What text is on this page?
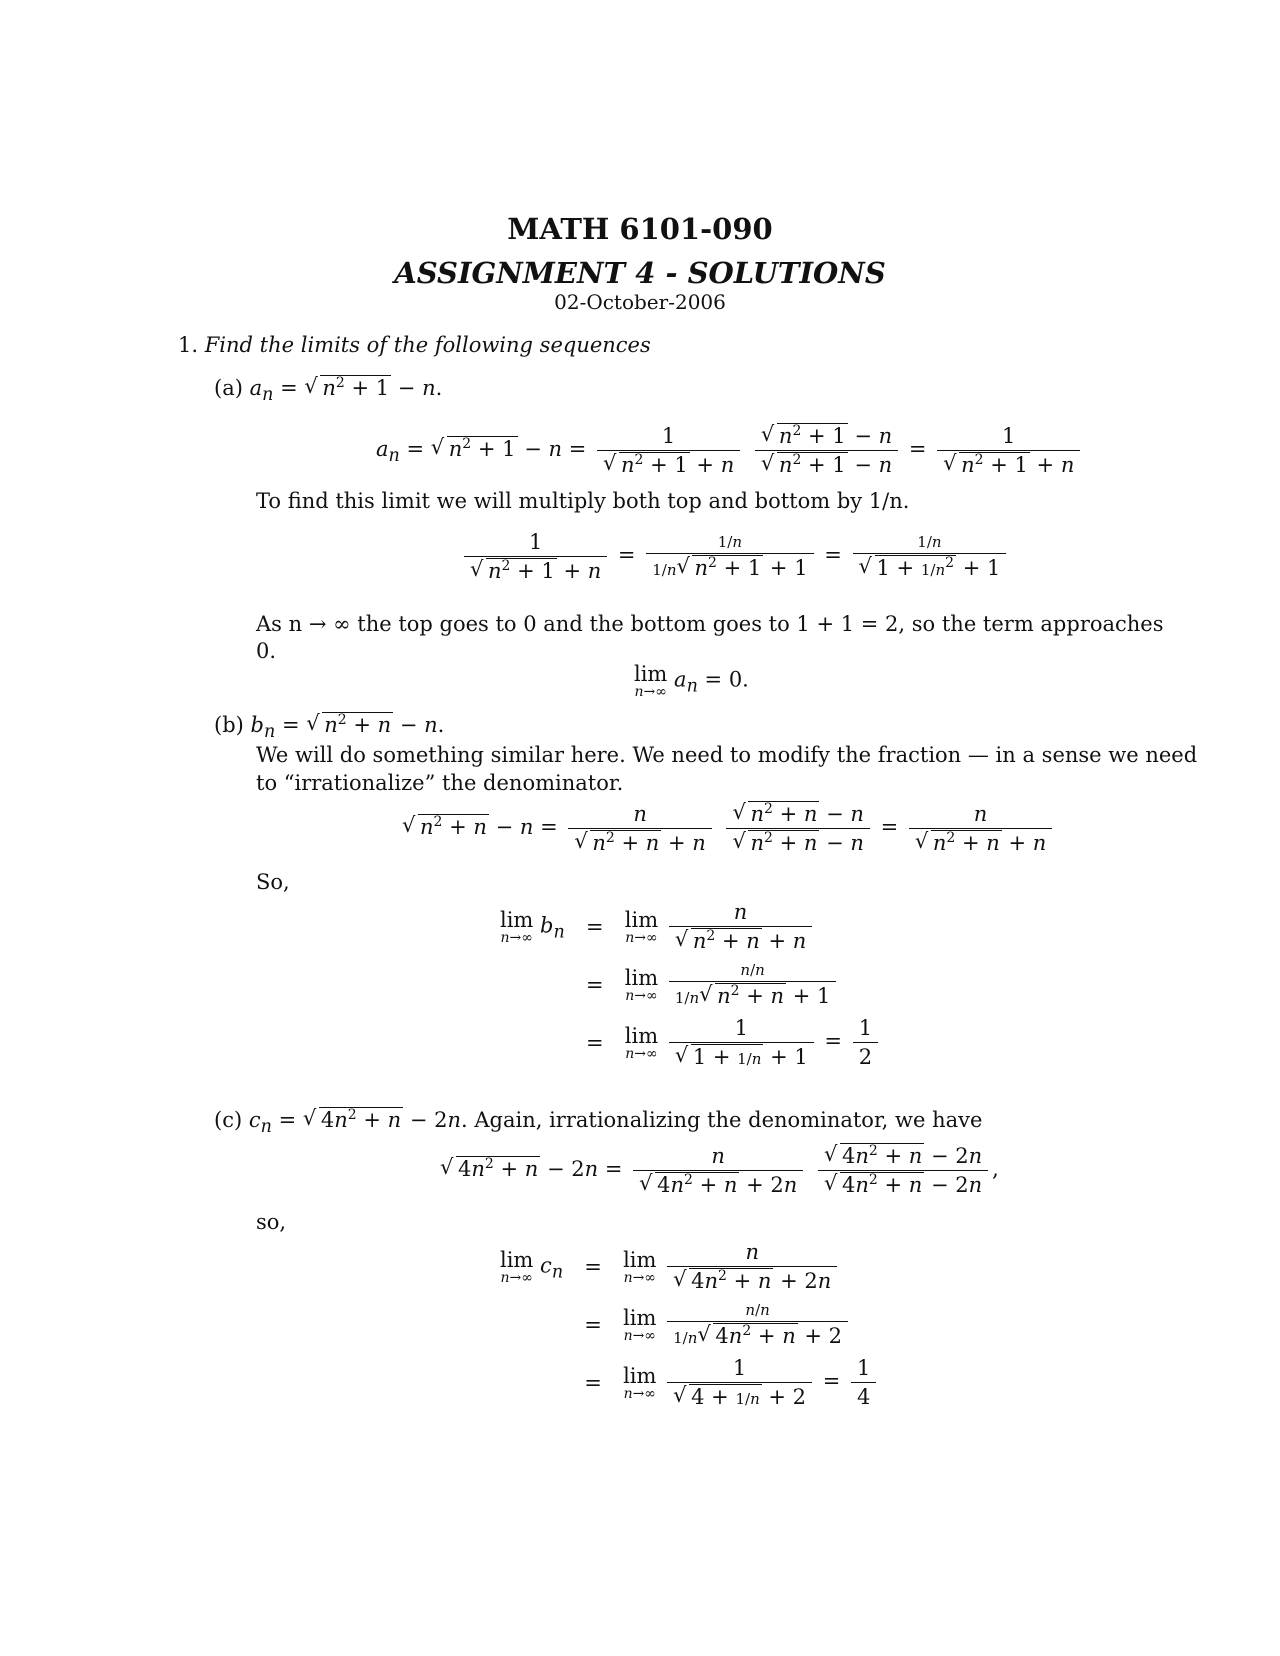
MATH 6101-090
ASSIGNMENT 4 - SOLUTIONS
02-October-2006
1. Find the limits of the following sequences
(a) $a_n$ = √ $n^2 + 1 - n$.
$a_n$ = √ $n^2 + 1 - n = 1$
√ $n^2 + 1 + n$
√ $n^2 + 1 - n$
√ $n^2 + 1 - n = 1$
√ $n^2 + 1 + n$
To find this limit we will multiply both top and bottom by 1/n.
1
√ $n^2 + 1 + n = \frac{1/n}{1/n √ n^2 + 1 + 1} = 1/n$
√ $1 + 1/n^2 + 1$
As n → ∞ the top goes to 0 and the bottom goes to 1 + 1 = 2, so the term approaches
0.
lim
n→∞
$a_n = 0$.
(b) $b_n$ = √ $n^2 + n - n$.
We will do something similar here. We need to modify the fraction — in a sense we need
to “irrationalize” the denominator.
√ $n^2 + n - n = n$
√ $n^2 + n + n$
√ $n^2 + n - n$
√ $n^2 + n - n = n$
√ $n^2 + n + n$
So,
lim
n→∞
$b_n$	=	lim
n→∞
n
√ $n^2 + n + n$
=	lim
n→∞
$\frac{n/n}{1/n √ n^2 + n + 1}$
=	lim
n→∞
1
√ $1 + 1/n + 1 = \frac{1}{2}$
(c) $c_n$ = √ $4n^2 + n - 2n$. Again, irrationalizing the denominator, we have
√ $4n^2 + n - 2n = n$
√ $4n^2 + n + 2n$
√ $4n^2 + n - 2n$
√ $4n^2 + n - 2n$ ,
so,
lim
n→∞
$c_n$	=	lim
n→∞
n
√ $4n^2 + n + 2n$
=	lim
n→∞
$\frac{n/n}{1/n √ 4n^2 + n + 2}$
=	lim
n→∞
1
√ $4 + 1/n + 2 = \frac{1}{4}$
